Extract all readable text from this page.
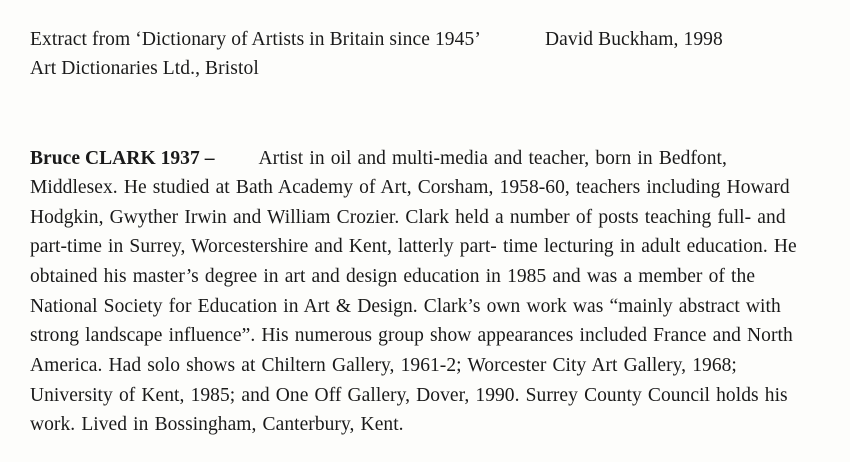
Extract from ‘Dictionary of Artists in Britain since 1945’	David Buckham, 1998
Art Dictionaries Ltd., Bristol

Bruce CLARK 1937 – Artist in oil and multi-media and teacher, born in Bedfont, Middlesex. He studied at Bath Academy of Art, Corsham, 1958-60, teachers including Howard Hodgkin, Gwyther Irwin and William Crozier. Clark held a number of posts teaching full- and part-time in Surrey, Worcestershire and Kent, latterly part- time lecturing in adult education. He obtained his master’s degree in art and design education in 1985 and was a member of the National Society for Education in Art & Design. Clark’s own work was “mainly abstract with strong landscape influence”. His numerous group show appearances included France and North America. Had solo shows at Chiltern Gallery, 1961-2; Worcester City Art Gallery, 1968; University of Kent, 1985; and One Off Gallery, Dover, 1990. Surrey County Council holds his work. Lived in Bossingham, Canterbury, Kent.
